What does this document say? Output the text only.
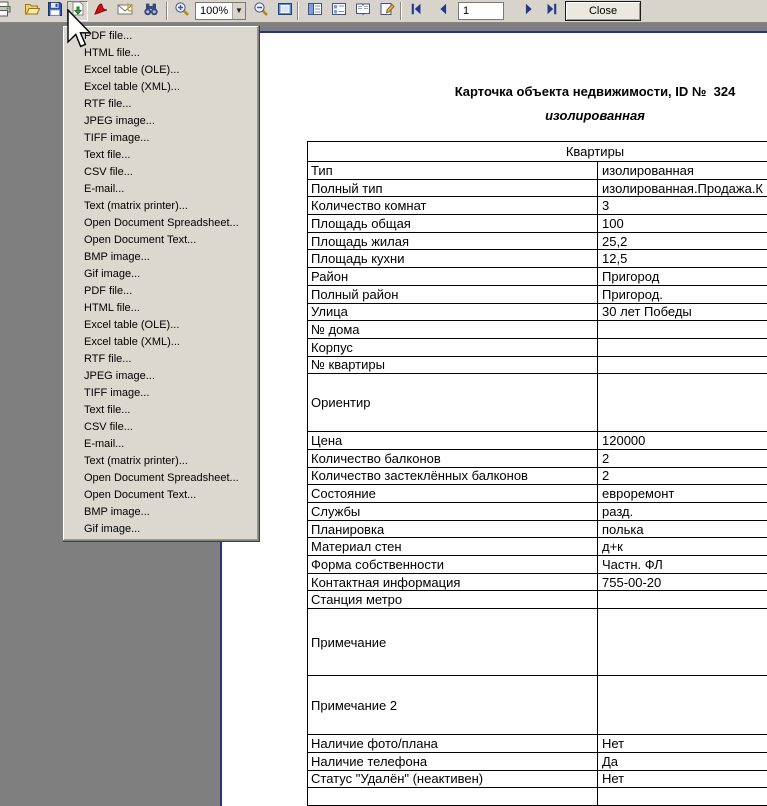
Карточка объекта недвижимости, ID №  324
изолированная
Квартиры
Тип	изолированная
Полный тип	изолированная.Продажа.К
Количество комнат	3
Площадь общая	100
Площадь жилая	25,2
Площадь кухни	12,5
Район	Пригород
Полный район	Пригород.
Улица	30 лет Победы
№ дома
Корпус
№ квартиры
Ориентир
Цена	120000
Количество балконов	2
Количество застеклённых балконов	2
Состояние	евроремонт
Службы	разд.
Планировка	полька
Материал стен	д+к
Форма собственности	Частн. ФЛ
Контактная информация	755-00-20
Станция метро
Примечание
Примечание 2
Наличие фото/плана	Нет
Наличие телефона	Да
Статус "Удалён" (неактивен)	Нет
100% ▼
1	Close
PDF file...
HTML file...
Excel table (OLE)...
Excel table (XML)...
RTF file...
JPEG image...
TIFF image...
Text file...
CSV file...
E-mail...
Text (matrix printer)...
Open Document Spreadsheet...
Open Document Text...
BMP image...
Gif image...
PDF file...
HTML file...
Excel table (OLE)...
Excel table (XML)...
RTF file...
JPEG image...
TIFF image...
Text file...
CSV file...
E-mail...
Text (matrix printer)...
Open Document Spreadsheet...
Open Document Text...
BMP image...
Gif image...
